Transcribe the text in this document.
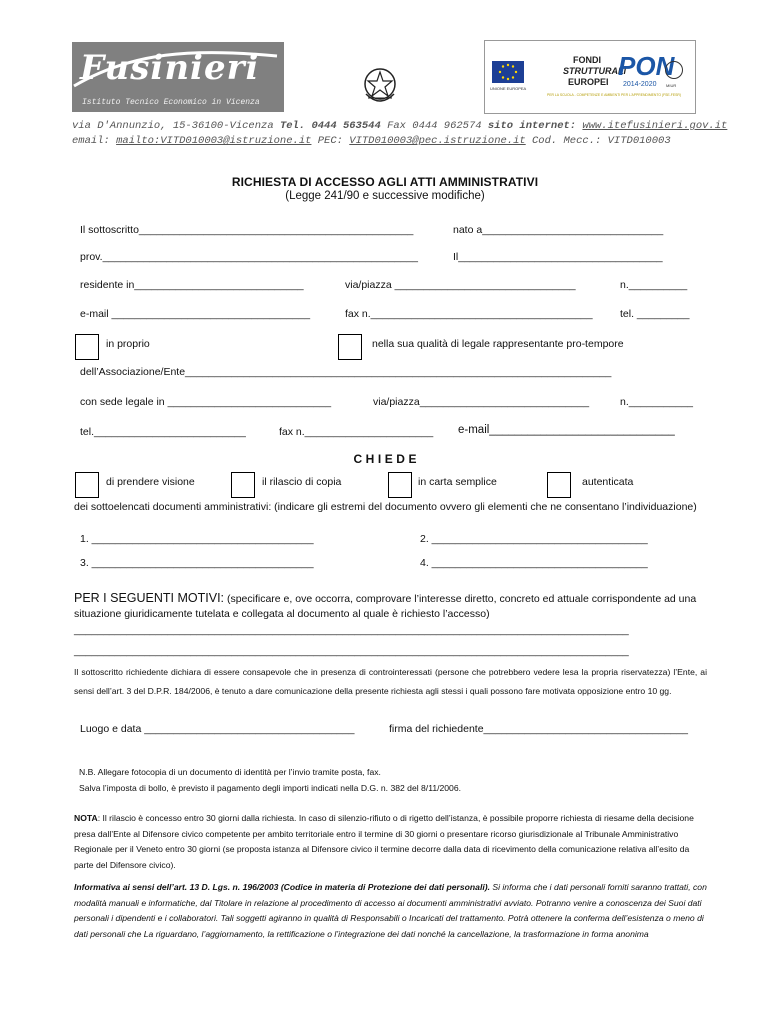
Fusinieri
Istituto Tecnico Economico in Vicenza
UNIONE EUROPEA
FONDI
STRUTTURALI
EUROPEI
PON
2014-2020 MIUR
PER LA SCUOLA - COMPETENZE E AMBIENTI PER L'APPRENDIMENTO (FSE-FESR)
via D'Annunzio, 15-36100-Vicenza Tel. 0444 563544 Fax 0444 962574 sito internet: www.itefusinieri.gov.it
email: mailto:VITD010003@istruzione.it PEC: VITD010003@pec.istruzione.it Cod. Mecc.: VITD010003
RICHIESTA DI ACCESSO AGLI ATTI AMMINISTRATIVI
(Legge 241/90 e successive modifiche)
Il sottoscritto_______________________________________________	nato a_______________________________
prov.______________________________________________________	Il___________________________________
residente in_____________________________	via/piazza _______________________________	n.__________
e-mail __________________________________	fax n.______________________________________	tel. _________
in proprio	nella sua qualità di legale rappresentante pro-tempore
dell’Associazione/Ente_________________________________________________________________________
con sede legale in ____________________________	via/piazza_____________________________	n.___________
tel.__________________________	fax n.______________________ e-mail_____________________________
C H I E D E
di prendere visione	il rilascio di copia	in carta semplice	autenticata
dei sottoelencati documenti amministrativi: (indicare gli estremi del documento ovvero gli elementi che ne consentano l’individuazione)
1. ______________________________________	2. _____________________________________
3. ______________________________________	4. _____________________________________
PER I SEGUENTI MOTIVI: (specificare e, ove occorra, comprovare l’interesse diretto, concreto ed attuale corrispondente ad una situazione giuridicamente tutelata e collegata al documento al quale è richiesto l’accesso)
_______________________________________________________________________________________________
_______________________________________________________________________________________________
Il sottoscritto richiedente dichiara di essere consapevole che in presenza di controinteressati (persone che potrebbero vedere lesa la propria riservatezza) l’Ente, ai sensi dell’art. 3 del D.P.R. 184/2006, è tenuto a dare comunicazione della presente richiesta agli stessi i quali possono fare motivata opposizione entro 10 gg.
Luogo e data ____________________________________	firma del richiedente___________________________________
N.B. Allegare fotocopia di un documento di identità per l’invio tramite posta, fax.
Salva l’imposta di bollo, è previsto il pagamento degli importi indicati nella D.G. n. 382 del 8/11/2006.
NOTA: Il rilascio è concesso entro 30 giorni dalla richiesta. In caso di silenzio-rifiuto o di rigetto dell’istanza, è possibile proporre richiesta di riesame della decisione presa dall’Ente al Difensore civico competente per ambito territoriale entro il termine di 30 giorni o presentare ricorso giurisdizionale al Tribunale Amministrativo Regionale per il Veneto entro 30 giorni (se proposta istanza al Difensore civico il termine decorre dalla data di ricevimento della comunicazione relativa all’esito da parte del Difensore civico).
Informativa ai sensi dell’art. 13 D. Lgs. n. 196/2003 (Codice in materia di Protezione dei dati personali). Si informa che i dati personali forniti saranno trattati, con modalità manuali e informatiche, dal Titolare in relazione al procedimento di accesso ai documenti amministrativi avviato. Potranno venire a conoscenza dei Suoi dati personali i dipendenti e i collaboratori. Tali soggetti agiranno in qualità di Responsabili o Incaricati del trattamento. Potrà ottenere la conferma dell’esistenza o meno di dati personali che La riguardano, l’aggiornamento, la rettificazione o l’integrazione dei dati nonché la cancellazione, la trasformazione in forma anonima
